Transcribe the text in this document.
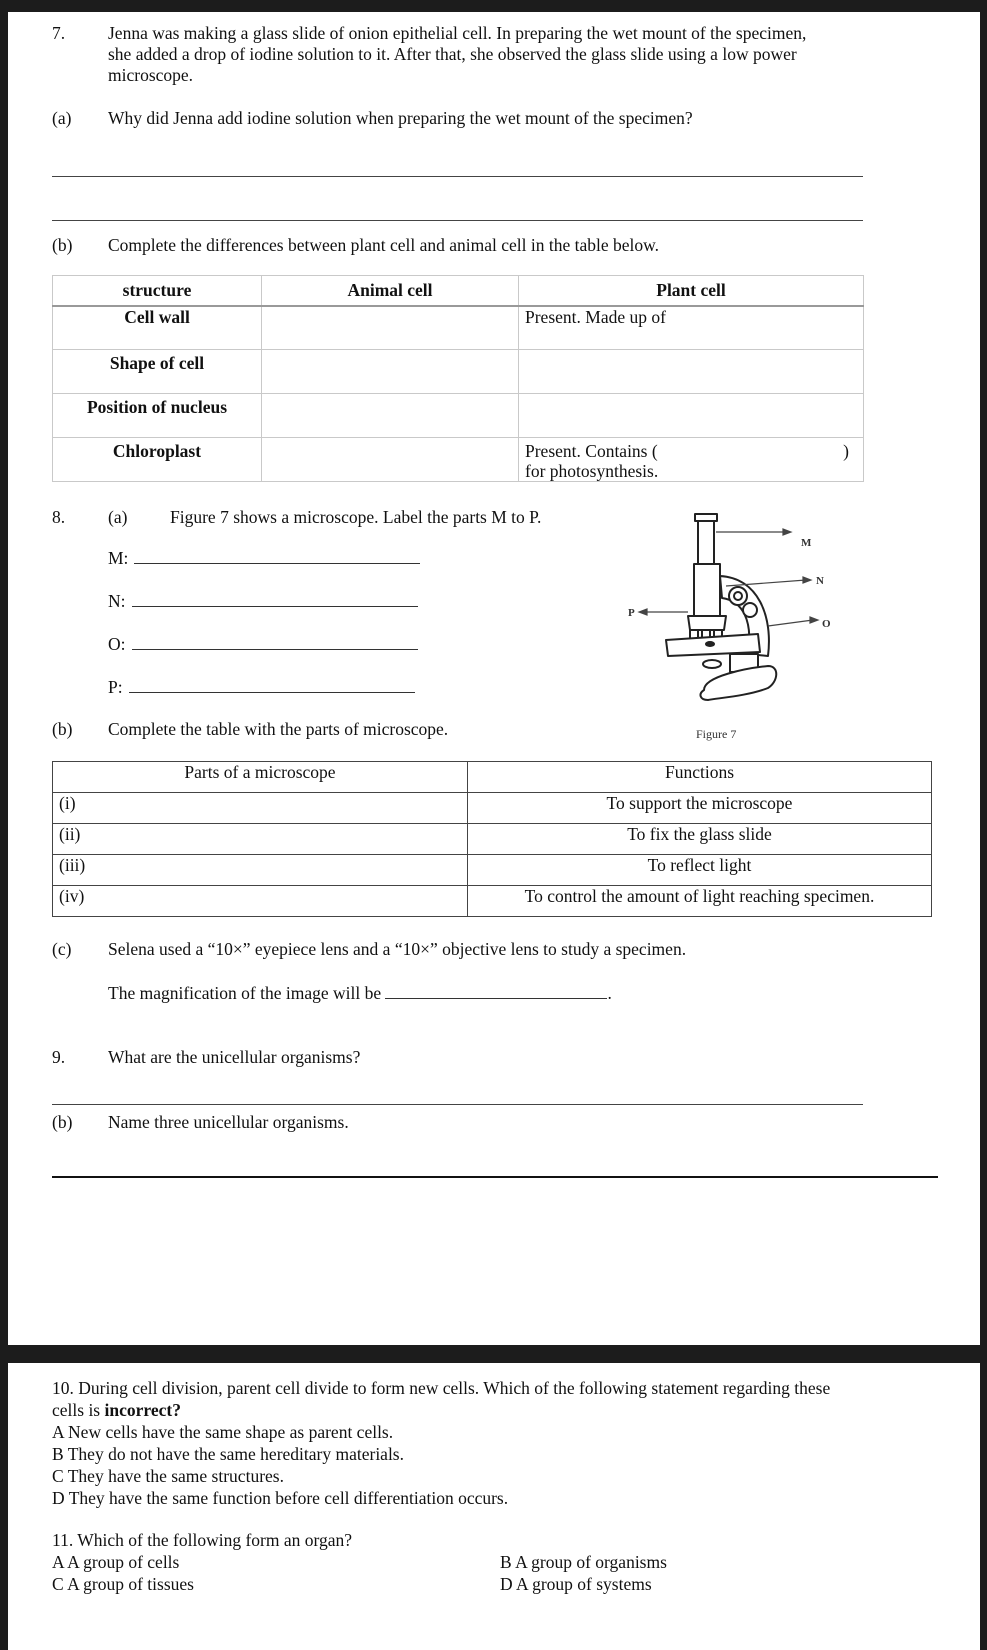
7. Jenna was making a glass slide of onion epithelial cell. In preparing the wet mount of the specimen,
she added a drop of iodine solution to it. After that, she observed the glass slide using a low power
microscope.
(a) Why did Jenna add iodine solution when preparing the wet mount of the specimen?
(b) Complete the differences between plant cell and animal cell in the table below.
structure	Animal cell	Plant cell
Cell wall		Present. Made up of
Shape of cell		
Position of nucleus		
Chloroplast		Present. Contains ( )
for photosynthesis.
8. (a) Figure 7 shows a microscope. Label the parts M to P.
M:
N:
O:
P:
M
N
O
P
Figure 7
(b) Complete the table with the parts of microscope.
Parts of a microscope	Functions
(i)	To support the microscope
(ii)	To fix the glass slide
(iii)	To reflect light
(iv)	To control the amount of light reaching specimen.
(c) Selena used a “10×” eyepiece lens and a “10×” objective lens to study a specimen.
The magnification of the image will be	.
9. What are the unicellular organisms?
(b) Name three unicellular organisms.
10. During cell division, parent cell divide to form new cells. Which of the following statement regarding these
cells is incorrect?
A New cells have the same shape as parent cells.
B They do not have the same hereditary materials.
C They have the same structures.
D They have the same function before cell differentiation occurs.
11. Which of the following form an organ?
A A group of cells	B A group of organisms
C A group of tissues	D A group of systems
